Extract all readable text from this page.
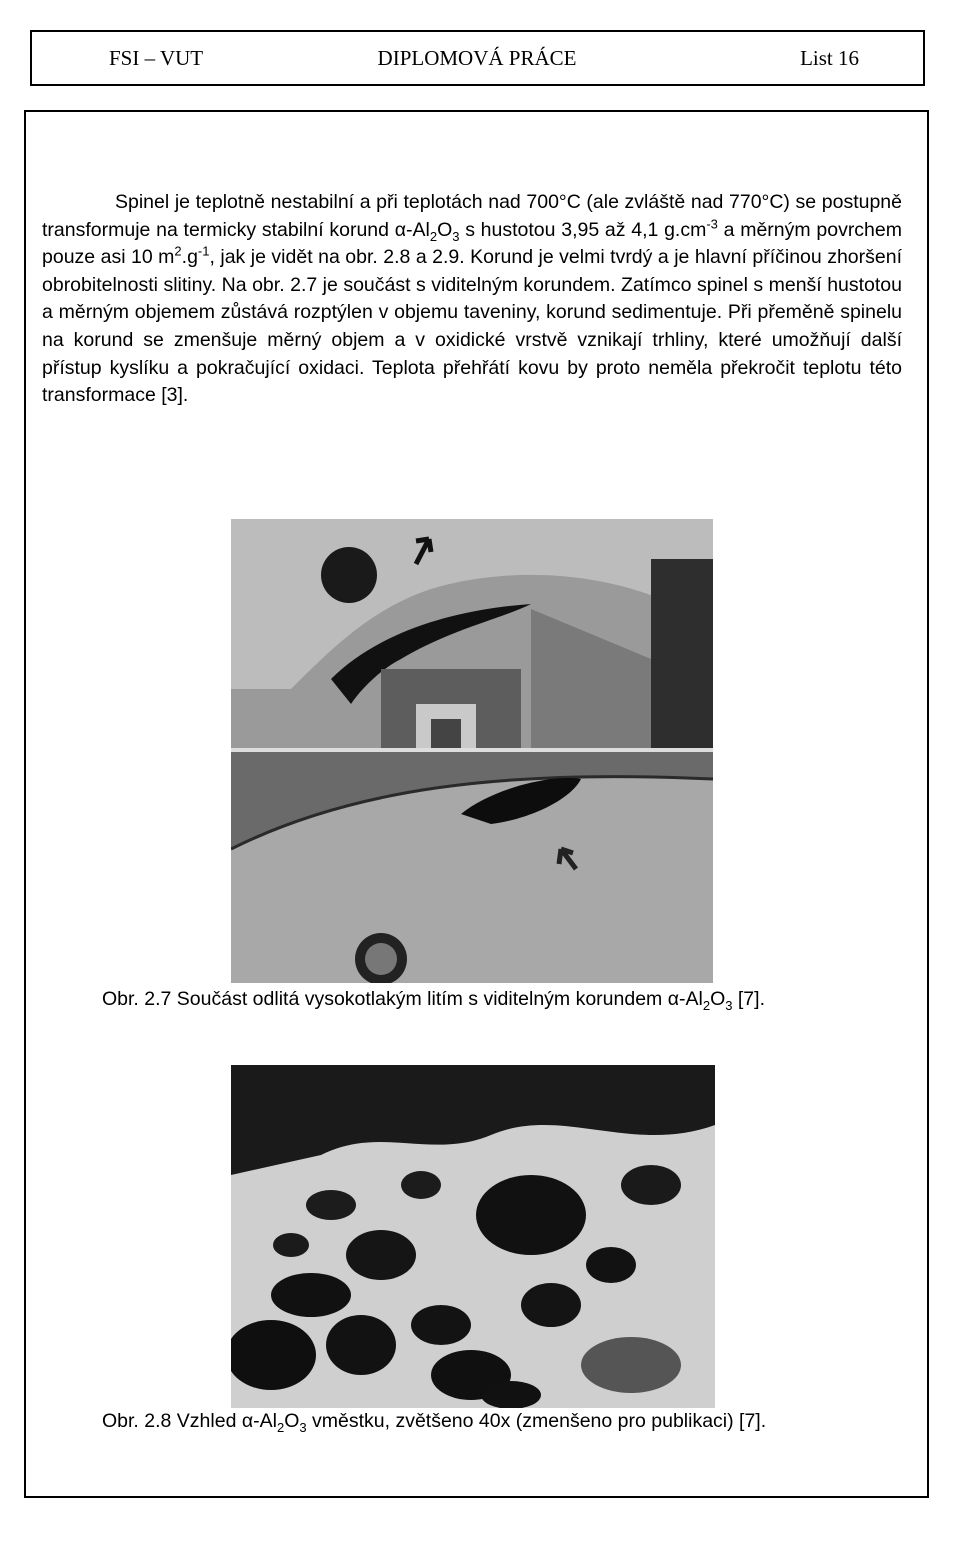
FSI – VUT	DIPLOMOVÁ PRÁCE	List 16

Spinel je teplotně nestabilní a při teplotách nad 700°C (ale zvláště nad 770°C) se postupně transformuje na termicky stabilní korund $\alpha-Al_2O_3$ s hustotou 3,95 až 4,1 $g.cm^{-3}$ a měrným povrchem pouze asi 10 $m^2.g^{-1}$, jak je vidět na obr. 2.8 a 2.9. Korund je velmi tvrdý a je hlavní příčinou zhoršení obrobitelnosti slitiny. Na obr. 2.7 je součást s viditelným korundem. Zatímco spinel s menší hustotou a měrným objemem zůstává rozptýlen v objemu taveniny, korund sedimentuje. Při přeměně spinelu na korund se zmenšuje měrný objem a v oxidické vrstvě vznikají trhliny, které umožňují další přístup kyslíku a pokračující oxidaci. Teplota přehřátí kovu by proto neměla překročit teplotu této transformace [3].

Obr. 2.7 Součást odlitá vysokotlakým litím s viditelným korundem $\alpha-Al_2O_3$ [7].
Obr. 2.8 Vzhled $\alpha-Al_2O_3$ vměstku, zvětšeno 40x (zmenšeno pro publikaci) [7].
